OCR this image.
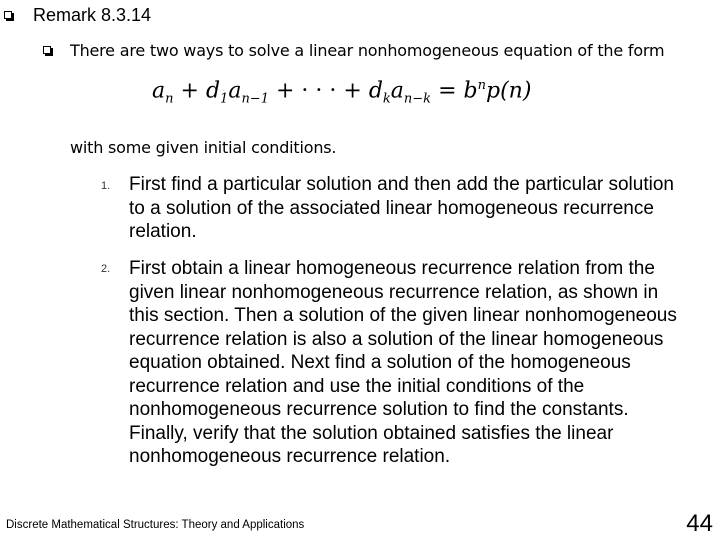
Remark 8.3.14
There are two ways to solve a linear nonhomogeneous equation of the form
$a_n + d_1a_{n-1}$ + · · · + $d_ka_{n-k} = b^np(n)$
with some given initial conditions.
1. First find a particular solution and then add the particular solution to a solution of the associated linear homogeneous recurrence relation.
2. First obtain a linear homogeneous recurrence relation from the given linear nonhomogeneous recurrence relation, as shown in this section. Then a solution of the given linear nonhomogeneous recurrence relation is also a solution of the linear homogeneous equation obtained. Next find a solution of the homogeneous recurrence relation and use the initial conditions of the nonhomogeneous recurrence solution to find the constants. Finally, verify that the solution obtained satisfies the linear nonhomogeneous recurrence relation.
Discrete Mathematical Structures: Theory and Applications	44
